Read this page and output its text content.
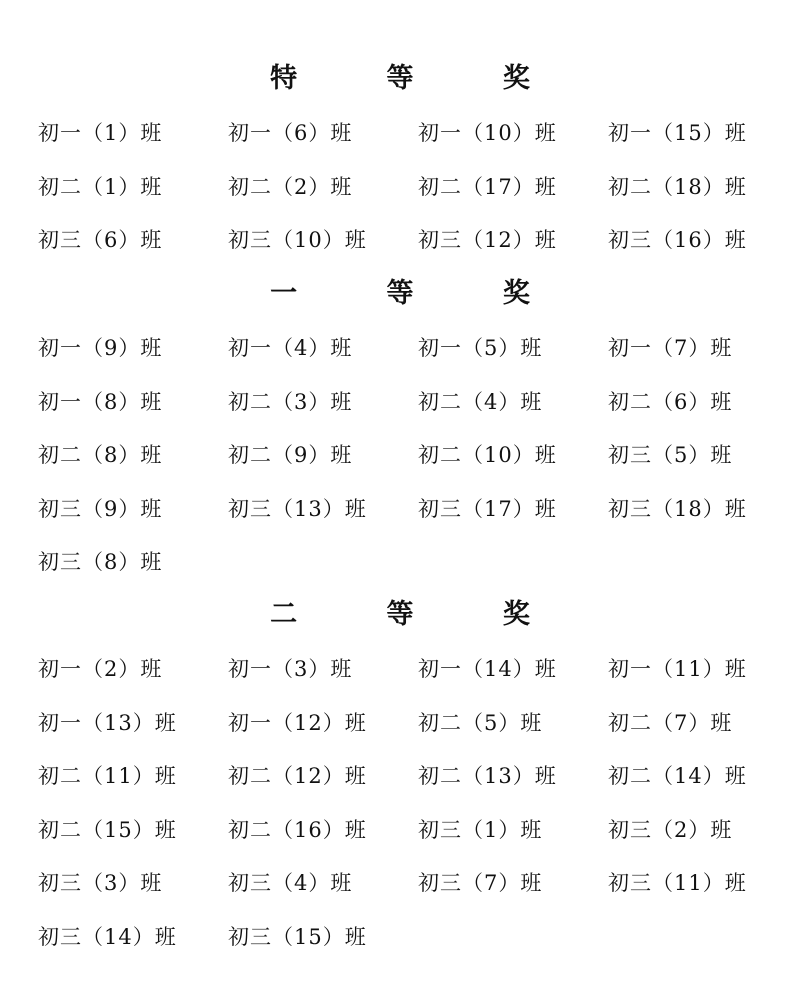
特 等 奖
初一（1）班	初一（6）班	初一（10）班 初一（15）班
初二（1）班	初二（2）班	初二（17）班 初二（18）班
初三（6）班	初三（10）班 初三（12）班 初三（16）班
一 等 奖
初一（9）班	初一（4）班	初一（5）班	初一（7）班
初一（8）班	初二（3）班	初二（4）班	初二（6）班
初二（8）班	初二（9）班	初二（10）班 初三（5）班
初三（9）班	初三（13）班 初三（17）班 初三（18）班
初三（8）班
二 等 奖
初一（2）班	初一（3）班	初一（14）班 初一（11）班
初一（13）班 初一（12）班 初二（5）班	初二（7）班
初二（11）班 初二（12）班 初二（13）班 初二（14）班
初二（15）班 初二（16）班 初三（1）班	初三（2）班
初三（3）班	初三（4）班	初三（7）班	初三（11）班
初三（14）班 初三（15）班
